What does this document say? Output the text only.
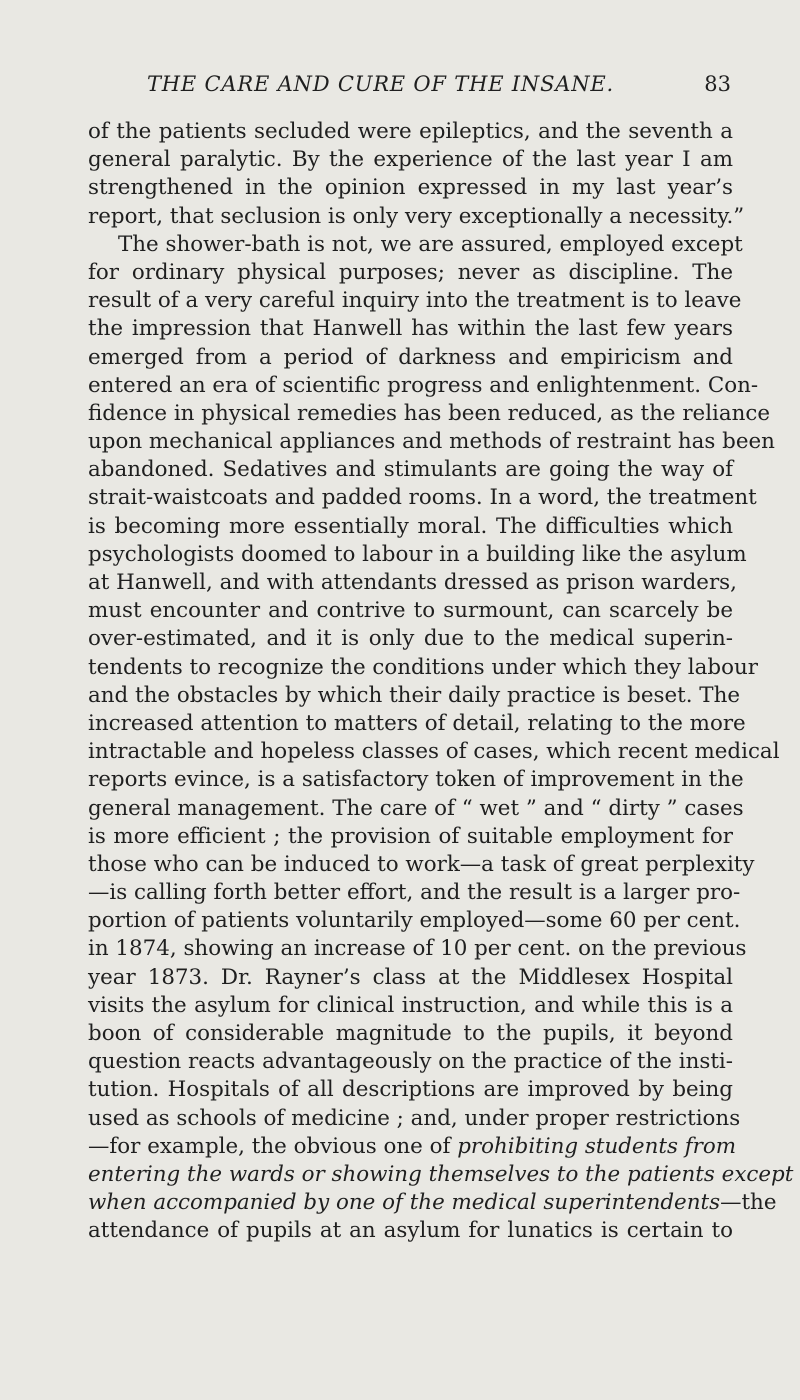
THE CARE AND CURE OF THE INSANE.	83
of the patients secluded were epileptics, and the seventh a
general paralytic. By the experience of the last year I am
strengthened in the opinion expressed in my last year’s
report, that seclusion is only very exceptionally a necessity.”
The shower-bath is not, we are assured, employed except
for ordinary physical purposes; never as discipline. The
result of a very careful inquiry into the treatment is to leave
the impression that Hanwell has within the last few years
emerged from a period of darkness and empiricism and
entered an era of scientific progress and enlightenment. Con-
fidence in physical remedies has been reduced, as the reliance
upon mechanical appliances and methods of restraint has been
abandoned. Sedatives and stimulants are going the way of
strait-waistcoats and padded rooms. In a word, the treatment
is becoming more essentially moral. The difficulties which
psychologists doomed to labour in a building like the asylum
at Hanwell, and with attendants dressed as prison warders,
must encounter and contrive to surmount, can scarcely be
over-estimated, and it is only due to the medical superin-
tendents to recognize the conditions under which they labour
and the obstacles by which their daily practice is beset. The
increased attention to matters of detail, relating to the more
intractable and hopeless classes of cases, which recent medical
reports evince, is a satisfactory token of improvement in the
general management. The care of “ wet ” and “ dirty ” cases
is more efficient ; the provision of suitable employment for
those who can be induced to work—a task of great perplexity
—is calling forth better effort, and the result is a larger pro-
portion of patients voluntarily employed—some 60 per cent.
in 1874, showing an increase of 10 per cent. on the previous
year 1873. Dr. Rayner’s class at the Middlesex Hospital
visits the asylum for clinical instruction, and while this is a
boon of considerable magnitude to the pupils, it beyond
question reacts advantageously on the practice of the insti-
tution. Hospitals of all descriptions are improved by being
used as schools of medicine ; and, under proper restrictions
—for example, the obvious one of prohibiting students from
entering the wards or showing themselves to the patients except
when accompanied by one of the medical superintendents—the
attendance of pupils at an asylum for lunatics is certain to
